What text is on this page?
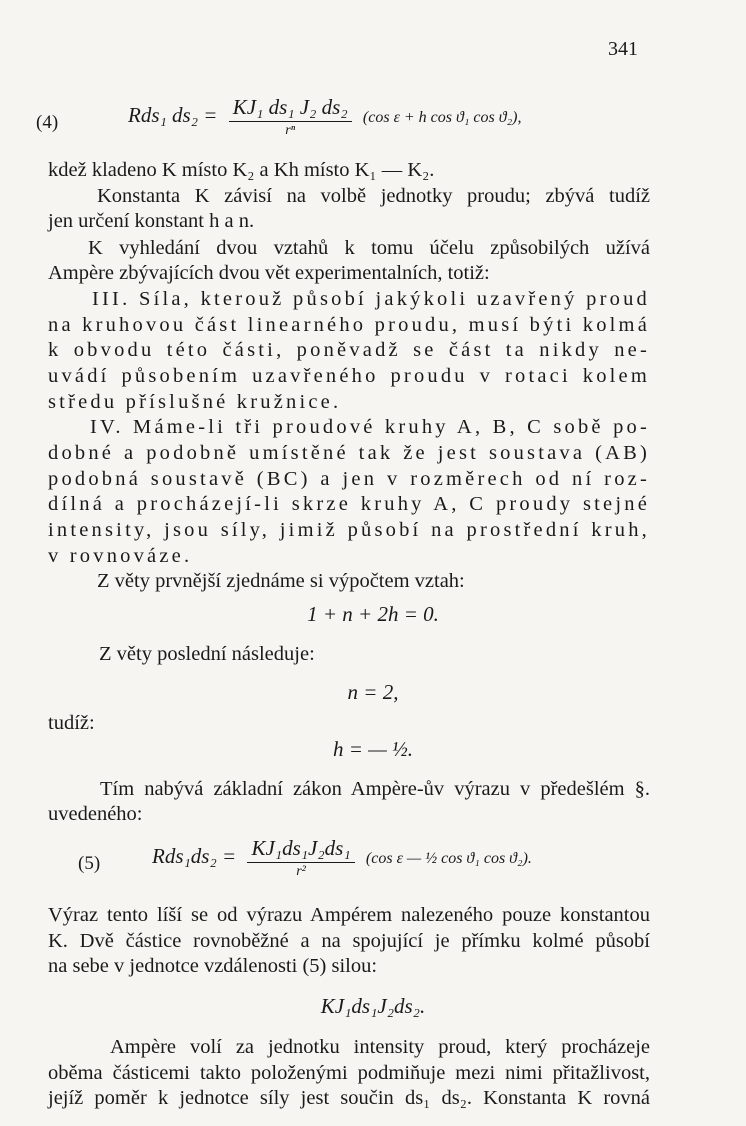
341
(4)	Rds₁ $ds_2 = \frac{\text{KJ₁ ds₁ J₂ ds₂}}{\text{rⁿ}} (\cos$ ε + h cos ϑ₁ cos ϑ₂),
kdež kladeno K místo K₂ a Kh místo K₁ — K₂.
Konstanta K závisí na volbě jednotky proudu; zbývá tudíž
jen určení konstant h a n.
K vyhledání dvou vztahů k tomu účelu způsobilých užívá
Ampère zbývajících dvou vět experimentalních, totiž:
III. Síla, kterouž působí jakýkoli uzavřený proud
na kruhovou část linearného proudu, musí býti kolmá
k obvodu této části, poněvadž se část ta nikdy ne-
uvádí působením uzavřeného proudu v rotaci kolem
středu příslušné kružnice.
IV. Máme-li tři proudové kruhy A, B, C sobě po-
dobné a podobně umístěné tak že jest soustava (AB)
podobná soustavě (BC) a jen v rozměrech od ní roz-
dílná a procházejí-li skrze kruhy A, C proudy stejné
intensity, jsou síly, jimiž působí na prostřední kruh,
v rovnováze.
Z věty prvnější zjednáme si výpočtem vztah:
1 + n + 2h = 0.
Z věty poslední následuje:
n = 2,
tudíž:
h = — ½.
Tím nabývá základní zákon Ampère-ův výrazu v předešlém §.
uvedeného:
(5) $Rds_1ds_2 = \frac{\text{KJ₁ds₁J₂ds₁}}{\text{r²}} (\cos$ ε — ½ cos ϑ₁ cos ϑ₂).
Výraz tento líší se od výrazu Ampérem nalezeného pouze konstantou
K. Dvě částice rovnoběžné a na spojující je přímku kolmé působí
na sebe v jednotce vzdálenosti (5) silou:
KJ₁ds₁J₂ds₂.
Ampère volí za jednotku intensity proud, který procházeje
oběma částicemi takto položenými podmiňuje mezi nimi přitažlivost,
jejíž poměr k jednotce síly jest součin ds₁ ds₂. Konstanta K rovná
